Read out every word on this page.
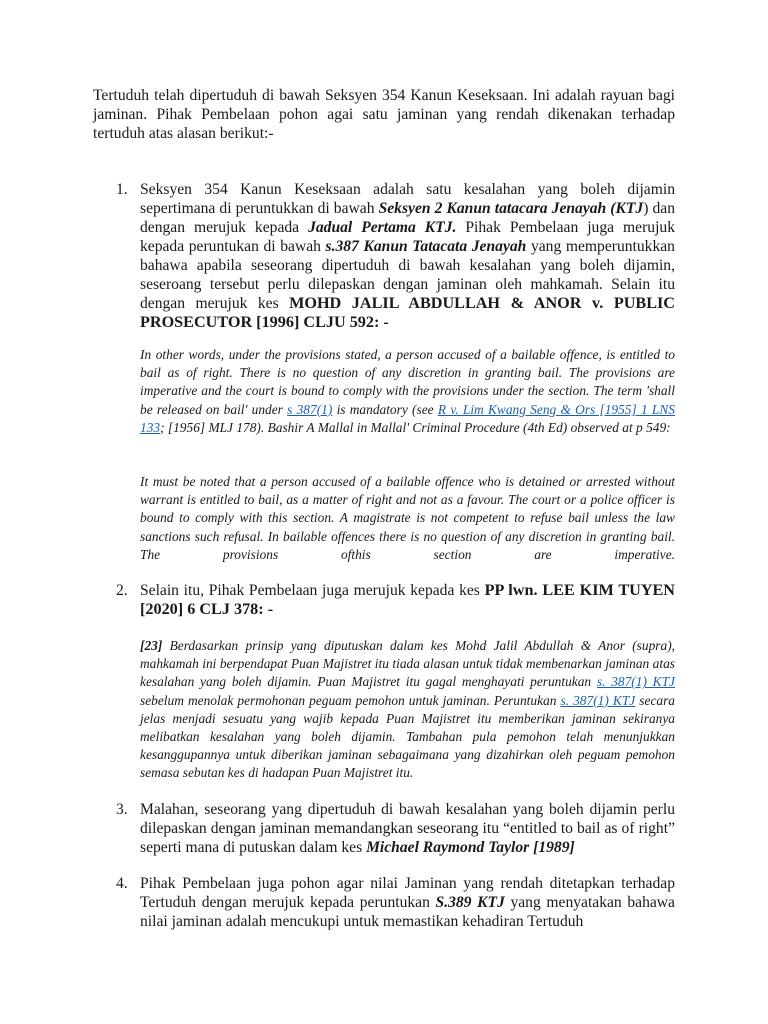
Tertuduh telah dipertuduh di bawah Seksyen 354 Kanun Keseksaan. Ini adalah rayuan bagi jaminan. Pihak Pembelaan pohon agai satu jaminan yang rendah dikenakan terhadap tertuduh atas alasan berikut:-

1. Seksyen 354 Kanun Keseksaan adalah satu kesalahan yang boleh dijamin sepertimana di peruntukkan di bawah Seksyen 2 Kanun tatacara Jenayah (KTJ) dan dengan merujuk kepada Jadual Pertama KTJ. Pihak Pembelaan juga merujuk kepada peruntukan di bawah s.387 Kanun Tatacata Jenayah yang memperuntukkan bahawa apabila seseorang dipertuduh di bawah kesalahan yang boleh dijamin, seseroang tersebut perlu dilepaskan dengan jaminan oleh mahkamah. Selain itu dengan merujuk kes MOHD JALIL ABDULLAH & ANOR v. PUBLIC PROSECUTOR [1996] CLJU 592: -
In other words, under the provisions stated, a person accused of a bailable offence, is entitled to bail as of right. There is no question of any discretion in granting bail. The provisions are imperative and the court is bound to comply with the provisions under the section. The term 'shall be released on bail' under s 387(1) is mandatory (see R v. Lim Kwang Seng & Ors [1955] 1 LNS 133; [1956] MLJ 178). Bashir A Mallal in Mallal' Criminal Procedure (4th Ed) observed at p 549:
It must be noted that a person accused of a bailable offence who is detained or arrested without warrant is entitled to bail, as a matter of right and not as a favour. The court or a police officer is bound to comply with this section. A magistrate is not competent to refuse bail unless the law sanctions such refusal. In bailable offences there is no question of any discretion in granting bail. The provisions ofthis section are imperative.
2. Selain itu, Pihak Pembelaan juga merujuk kepada kes PP lwn. LEE KIM TUYEN [2020] 6 CLJ 378: -
[23] Berdasarkan prinsip yang diputuskan dalam kes Mohd Jalil Abdullah & Anor (supra), mahkamah ini berpendapat Puan Majistret itu tiada alasan untuk tidak membenarkan jaminan atas kesalahan yang boleh dijamin. Puan Majistret itu gagal menghayati peruntukan s. 387(1) KTJ sebelum menolak permohonan peguam pemohon untuk jaminan. Peruntukan s. 387(1) KTJ secara jelas menjadi sesuatu yang wajib kepada Puan Majistret itu memberikan jaminan sekiranya melibatkan kesalahan yang boleh dijamin. Tambahan pula pemohon telah menunjukkan kesanggupannya untuk diberikan jaminan sebagaimana yang dizahirkan oleh peguam pemohon semasa sebutan kes di hadapan Puan Majistret itu.
3. Malahan, seseorang yang dipertuduh di bawah kesalahan yang boleh dijamin perlu dilepaskan dengan jaminan memandangkan seseorang itu “entitled to bail as of right” seperti mana di putuskan dalam kes Michael Raymond Taylor [1989]
4. Pihak Pembelaan juga pohon agar nilai Jaminan yang rendah ditetapkan terhadap Tertuduh dengan merujuk kepada peruntukan S.389 KTJ yang menyatakan bahawa nilai jaminan adalah mencukupi untuk memastikan kehadiran Tertuduh
